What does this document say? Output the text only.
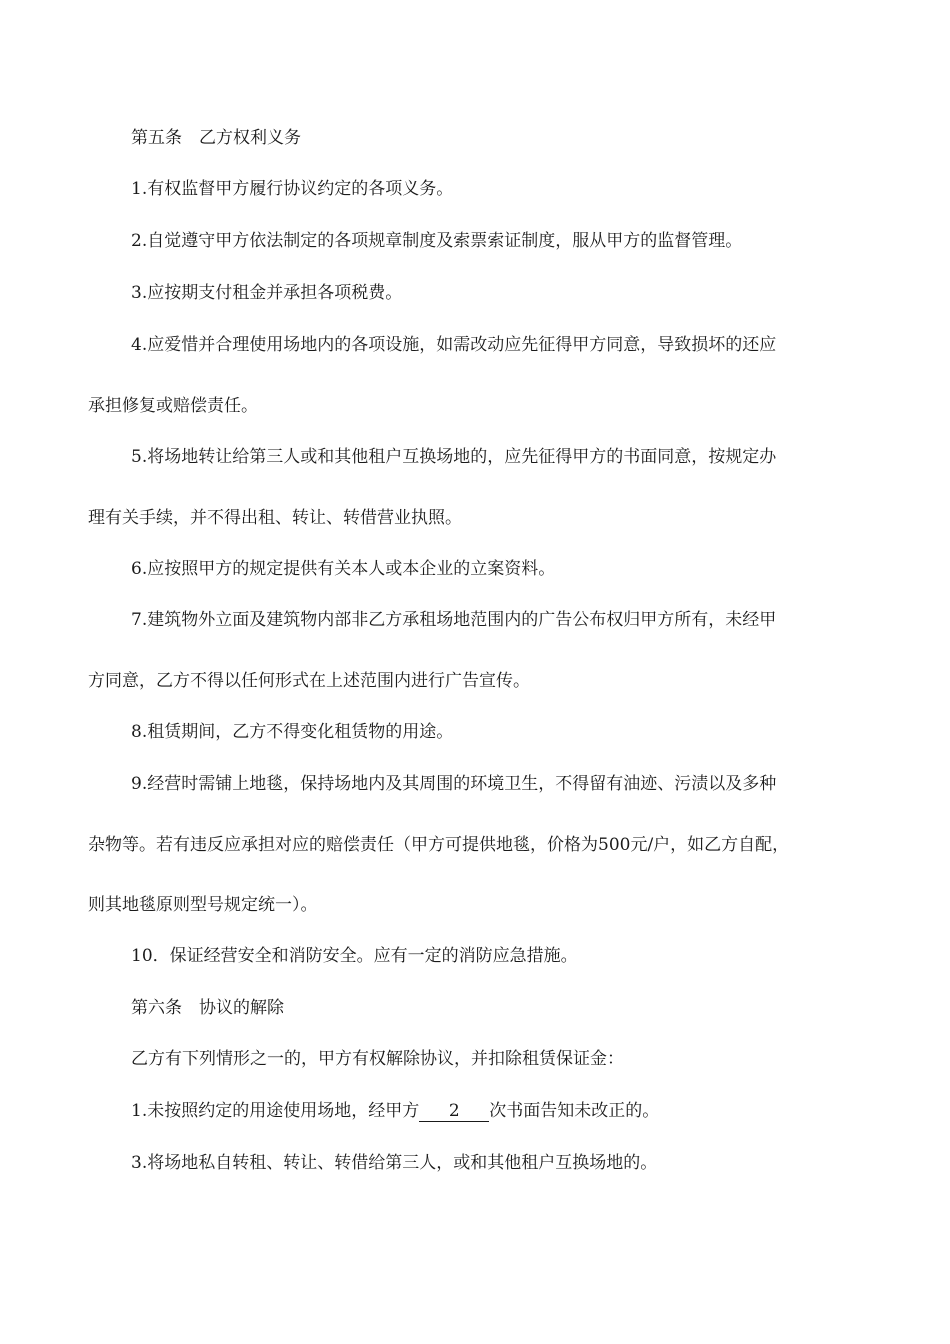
第五条　乙方权利义务
1.有权监督甲方履行协议约定的各项义务。
2.自觉遵守甲方依法制定的各项规章制度及索票索证制度，服从甲方的监督管理。
3.应按期支付租金并承担各项税费。
4.应爱惜并合理使用场地内的各项设施，如需改动应先征得甲方同意，导致损坏的还应
承担修复或赔偿责任。
5.将场地转让给第三人或和其他租户互换场地的，应先征得甲方的书面同意，按规定办
理有关手续，并不得出租、转让、转借营业执照。
6.应按照甲方的规定提供有关本人或本企业的立案资料。
7.建筑物外立面及建筑物内部非乙方承租场地范围内的广告公布权归甲方所有，未经甲
方同意，乙方不得以任何形式在上述范围内进行广告宣传。
8.租赁期间，乙方不得变化租赁物的用途。
9.经营时需铺上地毯，保持场地内及其周围的环境卫生，不得留有油迹、污渍以及多种
杂物等。若有违反应承担对应的赔偿责任（甲方可提供地毯，价格为500元/户，如乙方自配，
则其地毯原则型号规定统一）。
10．保证经营安全和消防安全。应有一定的消防应急措施。
第六条　协议的解除
乙方有下列情形之一的，甲方有权解除协议，并扣除租赁保证金：
1.未按照约定的用途使用场地，经甲方 2 次书面告知未改正的。
3.将场地私自转租、转让、转借给第三人，或和其他租户互换场地的。
